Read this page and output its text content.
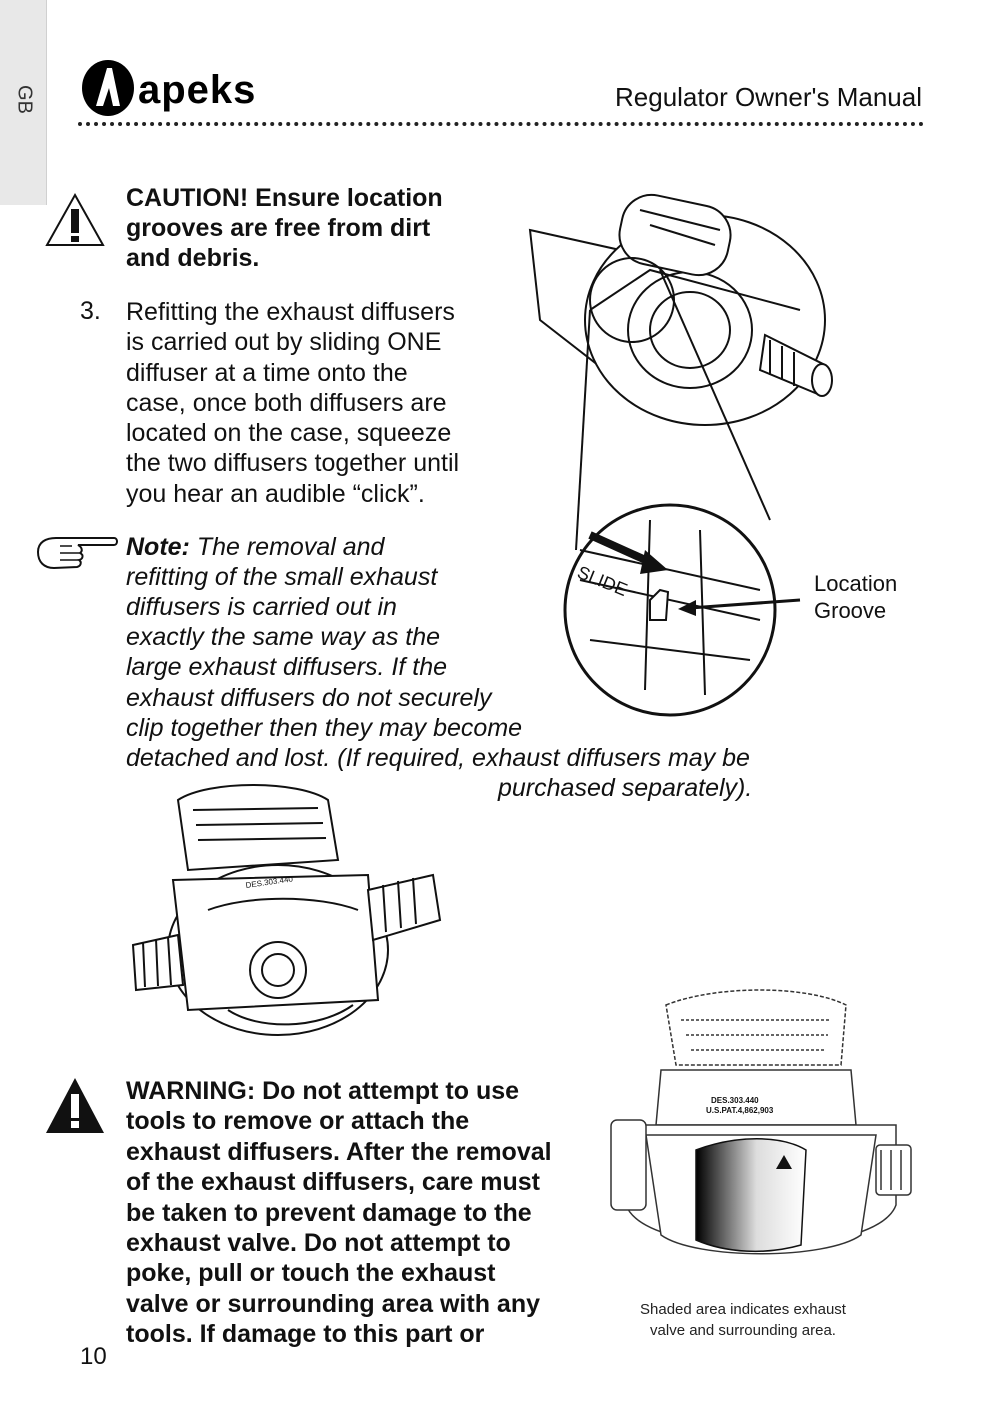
GB	apeks	Regulator Owner's Manual
CAUTION! Ensure location
grooves are free from dirt
and debris.
3. Refitting the exhaust diffusers
is carried out by sliding ONE
diffuser at a time onto the
case, once both diffusers are
located on the case, squeeze
the two diffusers together until
you hear an audible “click”.
Note: The removal and
refitting of the small exhaust
diffusers is carried out in
exactly the same way as the
large exhaust diffusers. If the
exhaust diffusers do not securely
clip together then they may become
detached and lost. (If required, exhaust diffusers may be
purchased separately).
SLIDE	Location
Groove
DES.303.440
WARNING: Do not attempt to use
tools to remove or attach the
exhaust diffusers. After the removal
of the exhaust diffusers, care must
be taken to prevent damage to the
exhaust valve. Do not attempt to
poke, pull or touch the exhaust
valve or surrounding area with any
tools. If damage to this part or
DES.303.440
U.S.PAT.4,862,903
Shaded area indicates exhaust
valve and surrounding area.
10
